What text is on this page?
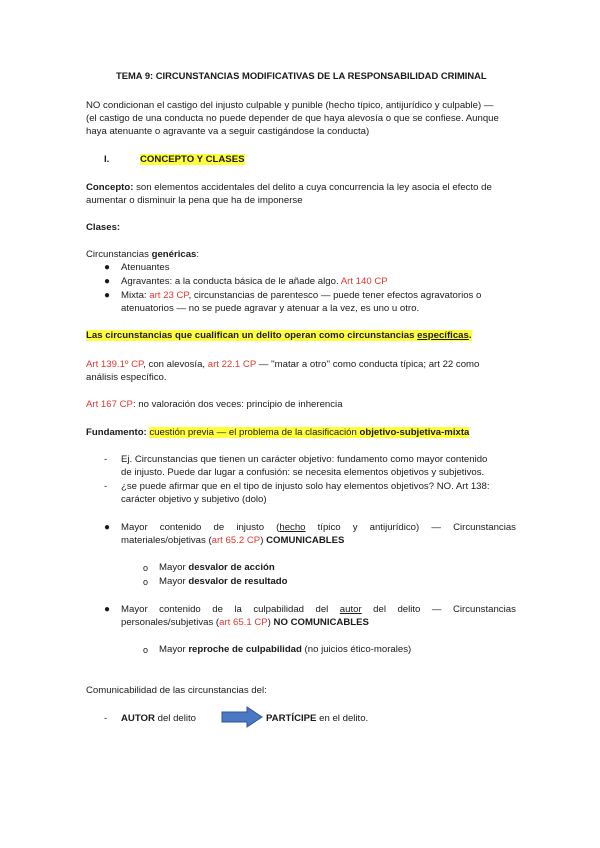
TEMA 9: CIRCUNSTANCIAS MODIFICATIVAS DE LA RESPONSABILIDAD CRIMINAL
NO condicionan el castigo del injusto culpable y punible (hecho típico, antijurídico y culpable) —
(el castigo de una conducta no puede depender de que haya alevosía o que se confiese. Aunque
haya atenuante o agravante va a seguir castigándose la conducta)
I.	CONCEPTO Y CLASES
Concepto: son elementos accidentales del delito a cuya concurrencia la ley asocia el efecto de
aumentar o disminuir la pena que ha de imponerse
Clases:
Circunstancias genéricas:
● Atenuantes
● Agravantes: a la conducta básica de le añade algo. Art 140 CP
● Mixta: art 23 CP, circunstancias de parentesco — puede tener efectos agravatorios o
atenuatorios — no se puede agravar y atenuar a la vez, es uno u otro.
Las circunstancias que cualifican un delito operan como circunstancias específicas.
Art 139.1º CP, con alevosía, art 22.1 CP — ''matar a otro'' como conducta típica; art 22 como
análisis específico.
Art 167 CP: no valoración dos veces: principio de inherencia
Fundamento: cuestión previa — el problema de la clasificación objetivo-subjetiva-mixta
- Ej. Circunstancias que tienen un carácter objetivo: fundamento como mayor contenido
de injusto. Puede dar lugar a confusión: se necesita elementos objetivos y subjetivos.
- ¿se puede afirmar que en el tipo de injusto solo hay elementos objetivos? NO. Art 138:
carácter objetivo y subjetivo (dolo)
● Mayor contenido de injusto (hecho típico y antijurídico) — Circunstancias
materiales/objetivas (art 65.2 CP) COMUNICABLES
o Mayor desvalor de acción
o Mayor desvalor de resultado
● Mayor contenido de la culpabilidad del autor del delito — Circunstancias
personales/subjetivas (art 65.1 CP) NO COMUNICABLES
o Mayor reproche de culpabilidad (no juicios ético-morales)
Comunicabilidad de las circunstancias del:
- AUTOR del delito	PARTÍCIPE en el delito.
